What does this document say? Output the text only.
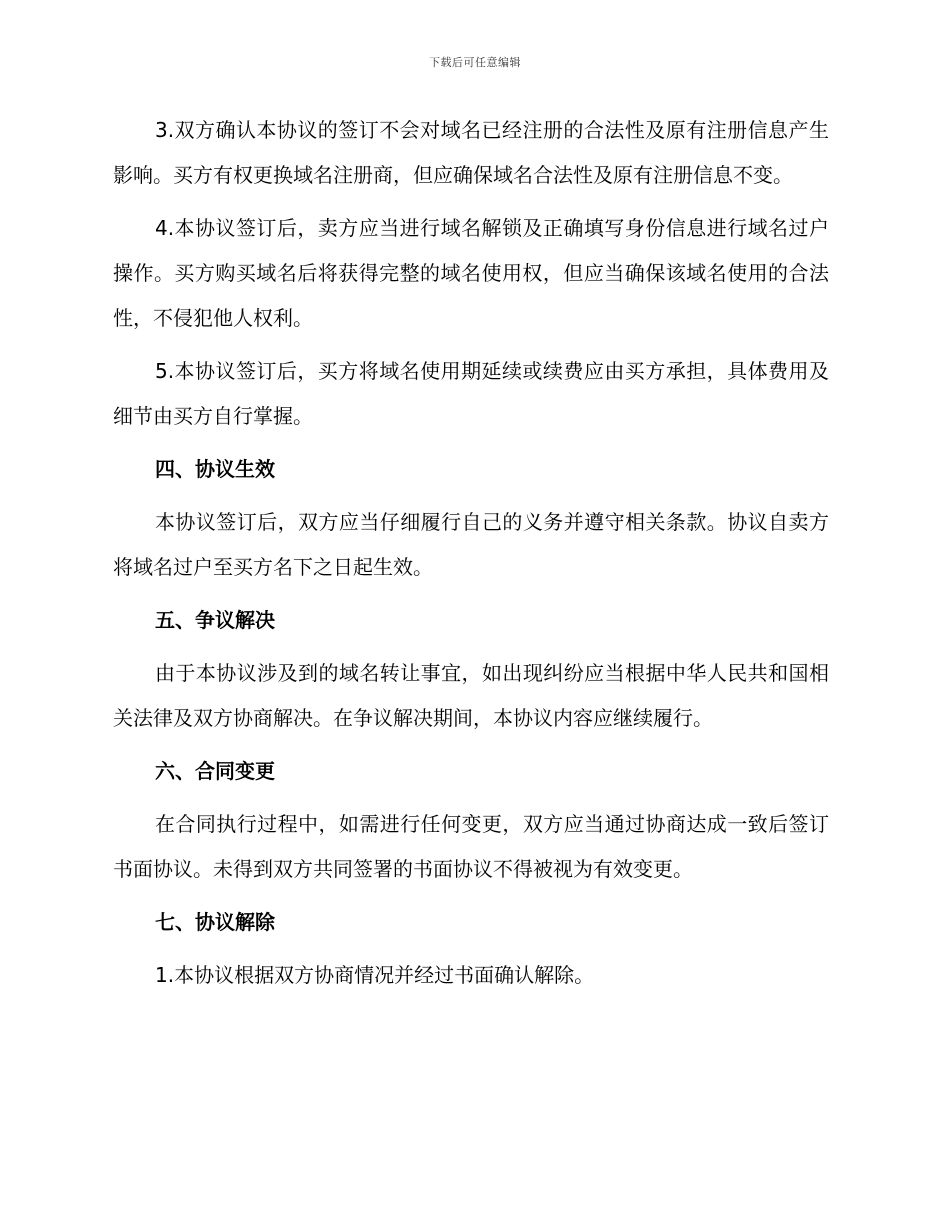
下载后可任意编辑

3.双方确认本协议的签订不会对域名已经注册的合法性及原有注册信息产生影响。买方有权更换域名注册商，但应确保域名合法性及原有注册信息不变。

4.本协议签订后，卖方应当进行域名解锁及正确填写身份信息进行域名过户操作。买方购买域名后将获得完整的域名使用权，但应当确保该域名使用的合法性，不侵犯他人权利。

5.本协议签订后，买方将域名使用期延续或续费应由买方承担，具体费用及细节由买方自行掌握。

四、协议生效

本协议签订后，双方应当仔细履行自己的义务并遵守相关条款。协议自卖方将域名过户至买方名下之日起生效。

五、争议解决

由于本协议涉及到的域名转让事宜，如出现纠纷应当根据中华人民共和国相关法律及双方协商解决。在争议解决期间，本协议内容应继续履行。

六、合同变更

在合同执行过程中，如需进行任何变更，双方应当通过协商达成一致后签订书面协议。未得到双方共同签署的书面协议不得被视为有效变更。

七、协议解除

1.本协议根据双方协商情况并经过书面确认解除。
